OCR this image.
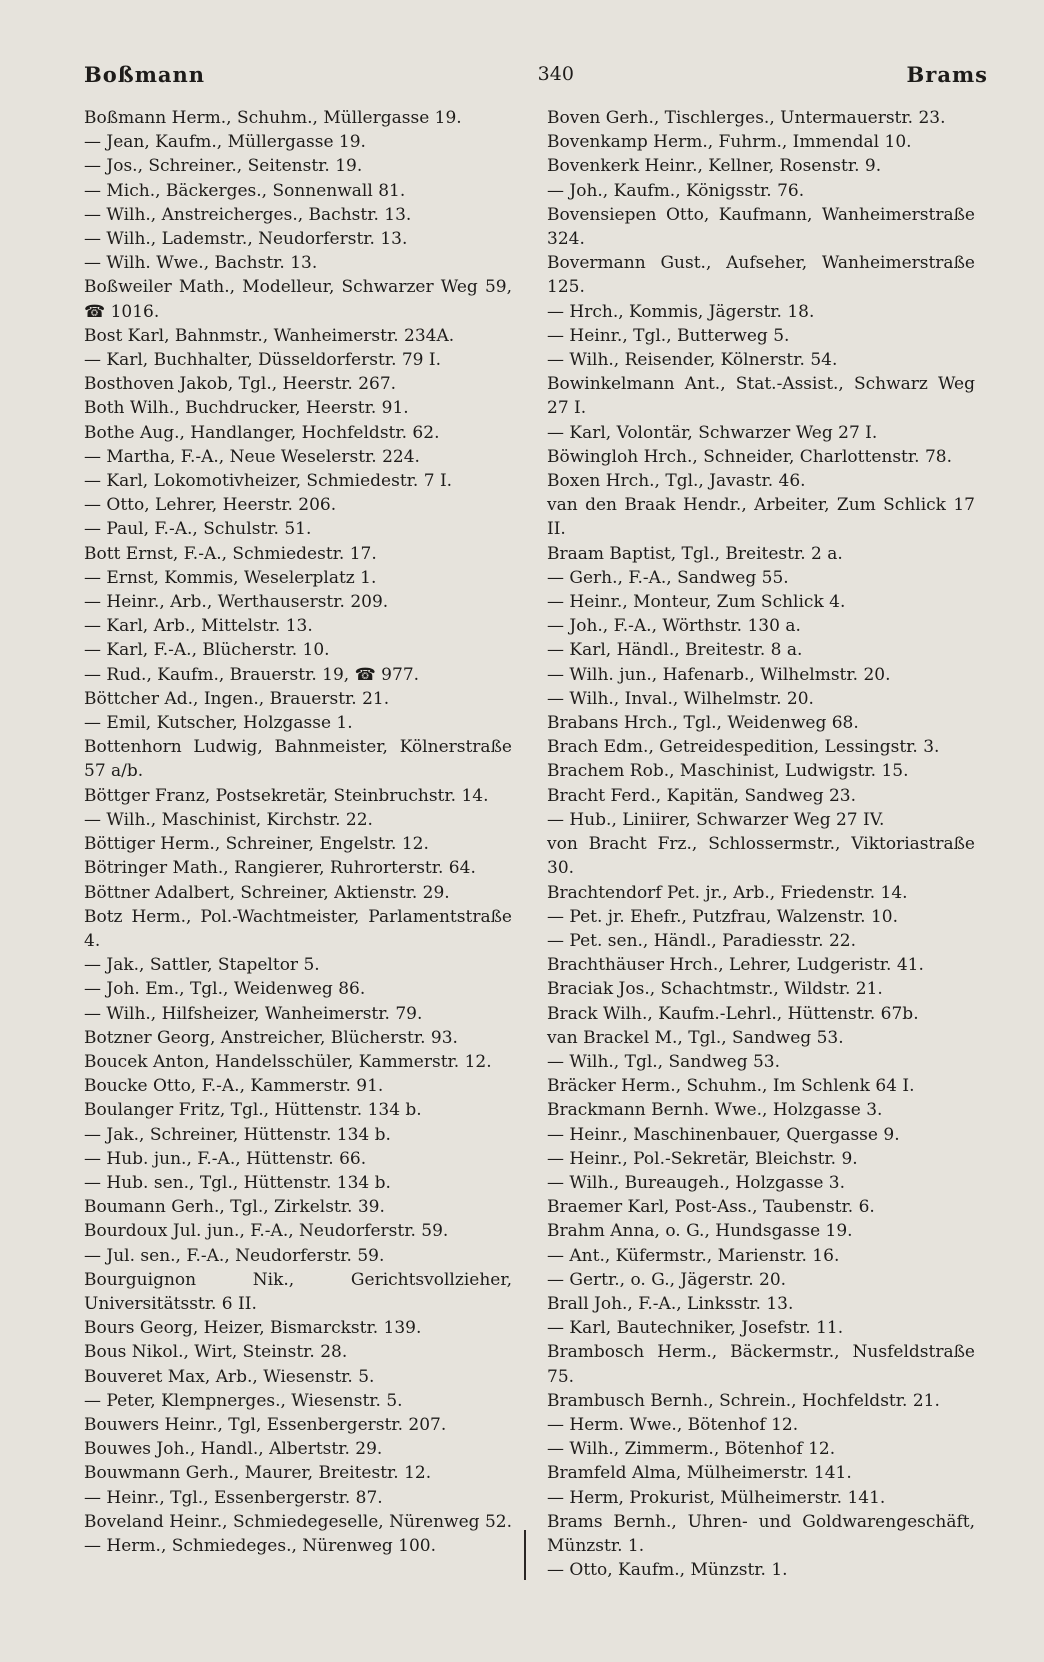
Boßmann	340	Brams
Boßmann Herm., Schuhm., Müllergasse 19.
— Jean, Kaufm., Müllergasse 19.
— Jos., Schreiner., Seitenstr. 19.
— Mich., Bäckerges., Sonnenwall 81.
— Wilh., Anstreicherges., Bachstr. 13.
— Wilh., Lademstr., Neudorferstr. 13.
— Wilh. Wwe., Bachstr. 13.
Boßweiler Math., Modelleur, Schwarzer Weg 59, ☎ 1016.
Bost Karl, Bahnmstr., Wanheimerstr. 234A.
— Karl, Buchhalter, Düsseldorferstr. 79 I.
Bosthoven Jakob, Tgl., Heerstr. 267.
Both Wilh., Buchdrucker, Heerstr. 91.
Bothe Aug., Handlanger, Hochfeldstr. 62.
— Martha, F.-A., Neue Weselerstr. 224.
— Karl, Lokomotivheizer, Schmiedestr. 7 I.
— Otto, Lehrer, Heerstr. 206.
— Paul, F.-A., Schulstr. 51.
Bott Ernst, F.-A., Schmiedestr. 17.
— Ernst, Kommis, Weselerplatz 1.
— Heinr., Arb., Werthauserstr. 209.
— Karl, Arb., Mittelstr. 13.
— Karl, F.-A., Blücherstr. 10.
— Rud., Kaufm., Brauerstr. 19, ☎ 977.
Böttcher Ad., Ingen., Brauerstr. 21.
— Emil, Kutscher, Holzgasse 1.
Bottenhorn Ludwig, Bahnmeister, Kölnerstraße 57 a/b.
Böttger Franz, Postsekretär, Steinbruchstr. 14.
— Wilh., Maschinist, Kirchstr. 22.
Böttiger Herm., Schreiner, Engelstr. 12.
Bötringer Math., Rangierer, Ruhrorterstr. 64.
Böttner Adalbert, Schreiner, Aktienstr. 29.
Botz Herm., Pol.-Wachtmeister, Parlamentstraße 4.
— Jak., Sattler, Stapeltor 5.
— Joh. Em., Tgl., Weidenweg 86.
— Wilh., Hilfsheizer, Wanheimerstr. 79.
Botzner Georg, Anstreicher, Blücherstr. 93.
Boucek Anton, Handelsschüler, Kammerstr. 12.
Boucke Otto, F.-A., Kammerstr. 91.
Boulanger Fritz, Tgl., Hüttenstr. 134 b.
— Jak., Schreiner, Hüttenstr. 134 b.
— Hub. jun., F.-A., Hüttenstr. 66.
— Hub. sen., Tgl., Hüttenstr. 134 b.
Boumann Gerh., Tgl., Zirkelstr. 39.
Bourdoux Jul. jun., F.-A., Neudorferstr. 59.
— Jul. sen., F.-A., Neudorferstr. 59.
Bourguignon Nik., Gerichtsvollzieher, Universitätsstr. 6 II.
Bours Georg, Heizer, Bismarckstr. 139.
Bous Nikol., Wirt, Steinstr. 28.
Bouveret Max, Arb., Wiesenstr. 5.
— Peter, Klempnerges., Wiesenstr. 5.
Bouwers Heinr., Tgl, Essenbergerstr. 207.
Bouwes Joh., Handl., Albertstr. 29.
Bouwmann Gerh., Maurer, Breitestr. 12.
— Heinr., Tgl., Essenbergerstr. 87.
Boveland Heinr., Schmiedegeselle, Nürenweg 52.
— Herm., Schmiedeges., Nürenweg 100.
Boven Gerh., Tischlerges., Untermauerstr. 23.
Bovenkamp Herm., Fuhrm., Immendal 10.
Bovenkerk Heinr., Kellner, Rosenstr. 9.
— Joh., Kaufm., Königsstr. 76.
Bovensiepen Otto, Kaufmann, Wanheimerstraße 324.
Bovermann Gust., Aufseher, Wanheimerstraße 125.
— Hrch., Kommis, Jägerstr. 18.
— Heinr., Tgl., Butterweg 5.
— Wilh., Reisender, Kölnerstr. 54.
Bowinkelmann Ant., Stat.-Assist., Schwarz Weg 27 I.
— Karl, Volontär, Schwarzer Weg 27 I.
Böwingloh Hrch., Schneider, Charlottenstr. 78.
Boxen Hrch., Tgl., Javastr. 46.
van den Braak Hendr., Arbeiter, Zum Schlick 17 II.
Braam Baptist, Tgl., Breitestr. 2 a.
— Gerh., F.-A., Sandweg 55.
— Heinr., Monteur, Zum Schlick 4.
— Joh., F.-A., Wörthstr. 130 a.
— Karl, Händl., Breitestr. 8 a.
— Wilh. jun., Hafenarb., Wilhelmstr. 20.
— Wilh., Inval., Wilhelmstr. 20.
Brabans Hrch., Tgl., Weidenweg 68.
Brach Edm., Getreidespedition, Lessingstr. 3.
Brachem Rob., Maschinist, Ludwigstr. 15.
Bracht Ferd., Kapitän, Sandweg 23.
— Hub., Liniirer, Schwarzer Weg 27 IV.
von Bracht Frz., Schlossermstr., Viktoriastraße 30.
Brachtendorf Pet. jr., Arb., Friedenstr. 14.
— Pet. jr. Ehefr., Putzfrau, Walzenstr. 10.
— Pet. sen., Händl., Paradiesstr. 22.
Brachthäuser Hrch., Lehrer, Ludgeristr. 41.
Braciak Jos., Schachtmstr., Wildstr. 21.
Brack Wilh., Kaufm.-Lehrl., Hüttenstr. 67b.
van Brackel M., Tgl., Sandweg 53.
— Wilh., Tgl., Sandweg 53.
Bräcker Herm., Schuhm., Im Schlenk 64 I.
Brackmann Bernh. Wwe., Holzgasse 3.
— Heinr., Maschinenbauer, Quergasse 9.
— Heinr., Pol.-Sekretär, Bleichstr. 9.
— Wilh., Bureaugeh., Holzgasse 3.
Braemer Karl, Post-Ass., Taubenstr. 6.
Brahm Anna, o. G., Hundsgasse 19.
— Ant., Küfermstr., Marienstr. 16.
— Gertr., o. G., Jägerstr. 20.
Brall Joh., F.-A., Linksstr. 13.
— Karl, Bautechniker, Josefstr. 11.
Brambosch Herm., Bäckermstr., Nusfeldstraße 75.
Brambusch Bernh., Schrein., Hochfeldstr. 21.
— Herm. Wwe., Bötenhof 12.
— Wilh., Zimmerm., Bötenhof 12.
Bramfeld Alma, Mülheimerstr. 141.
— Herm, Prokurist, Mülheimerstr. 141.
Brams Bernh., Uhren- und Goldwarengeschäft, Münzstr. 1.
— Otto, Kaufm., Münzstr. 1.
